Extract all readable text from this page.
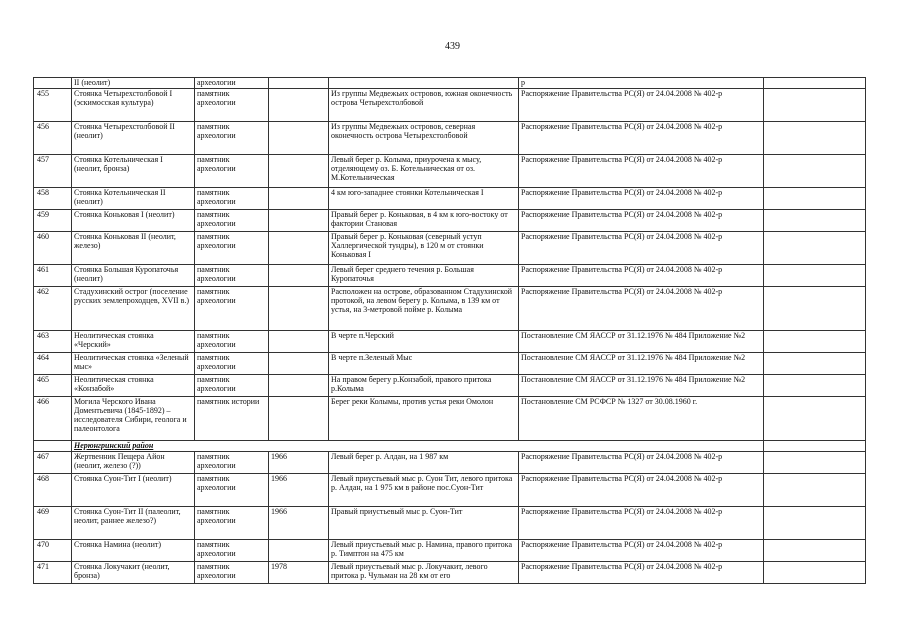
439
	II (неолит)	археологии			р	
455	Стоянка Четырехстолбовой I (эскимосская культура)	памятник археологии		Из группы Медвежьих островов, южная оконечность острова Четырехстолбовой	Распоряжение Правительства РС(Я) от 24.04.2008 № 402-р	
456	Стоянка Четырехстолбовой II (неолит)	памятник археологии		Из группы Медвежьих островов, северная оконечность острова Четырехстолбовой	Распоряжение Правительства РС(Я) от 24.04.2008 № 402-р	
457	Стоянка Котельническая I (неолит, бронза)	памятник археологии		Левый берег р. Колыма, приурочена к мысу, отделяющему оз. Б. Котельническая от оз. М.Котельническая	Распоряжение Правительства РС(Я) от 24.04.2008 № 402-р	
458	Стоянка Котельническая II (неолит)	памятник археологии		4 км юго-западнее стоянки Котельническая I	Распоряжение Правительства РС(Я) от 24.04.2008 № 402-р	
459	Стоянка Коньковая I (неолит)	памятник археологии		Правый берег р. Коньковая, в 4 км к юго-востоку от фактории Становая	Распоряжение Правительства РС(Я) от 24.04.2008 № 402-р	
460	Стоянка Коньковая II (неолит, железо)	памятник археологии		Правый берег р. Коньковая (северный уступ Халлергической тундры), в 120 м от стоянки Коньковая I	Распоряжение Правительства РС(Я) от 24.04.2008 № 402-р	
461	Стоянка Большая Куропаточья (неолит)	памятник археологии		Левый берег среднего течения р. Большая Куропаточья	Распоряжение Правительства РС(Я) от 24.04.2008 № 402-р	
462	Стадухинский острог (поселение русских землепроходцев, XVII в.)	памятник археологии		Расположен на острове, образованном Стадухинской протокой, на левом берегу р. Колыма, в 139 км от устья, на 3-метровой пойме р. Колыма	Распоряжение Правительства РС(Я) от 24.04.2008 № 402-р	
463	Неолитическая стоянка «Черский»	памятник археологии		В черте п.Черский	Постановление СМ ЯАССР от 31.12.1976 № 484 Приложение №2	
464	Неолитическая стоянка «Зеленый мыс»	памятник археологии		В черте п.Зеленый Мыс	Постановление СМ ЯАССР от 31.12.1976 № 484 Приложение №2	
465	Неолитическая стоянка «Конзабой»	памятник археологии		На правом берегу р.Конзабой, правого притока р.Колыма	Постановление СМ ЯАССР от 31.12.1976 № 484 Приложение №2	
466	Могила Черского Ивана Доментьевича (1845-1892) – исследователя Сибири, геолога и палеонтолога	памятник истории		Берег реки Колымы, против устья реки Омолон	Постановление СМ РСФСР № 1327 от 30.08.1960 г.	
	Нерюнгринский район					
467	Жертвенник Пещера Айон (неолит, железо (?))	памятник археологии	1966	Левый берег р. Алдан, на 1 987 км	Распоряжение Правительства РС(Я) от 24.04.2008 № 402-р	
468	Стоянка Суон-Тит I (неолит)	памятник археологии	1966	Левый приустьевый мыс р. Суон Тит, левого притока р. Алдан, на 1 975 км в районе пос.Суон-Тит	Распоряжение Правительства РС(Я) от 24.04.2008 № 402-р	
469	Стоянка Суон-Тит II (палеолит, неолит, раннее железо?)	памятник археологии	1966	Правый приустьевый мыс р. Суон-Тит	Распоряжение Правительства РС(Я) от 24.04.2008 № 402-р	
470	Стоянка Намина (неолит)	памятник археологии		Левый приустьевый мыс р. Намина, правого притока р. Тимптон на 475 км	Распоряжение Правительства РС(Я) от 24.04.2008 № 402-р	
471	Стоянка Локучакит (неолит, бронза)	памятник археологии	1978	Левый приустьевый мыс р. Локучакит, левого притока р. Чульман на 28 км от его	Распоряжение Правительства РС(Я) от 24.04.2008 № 402-р	
